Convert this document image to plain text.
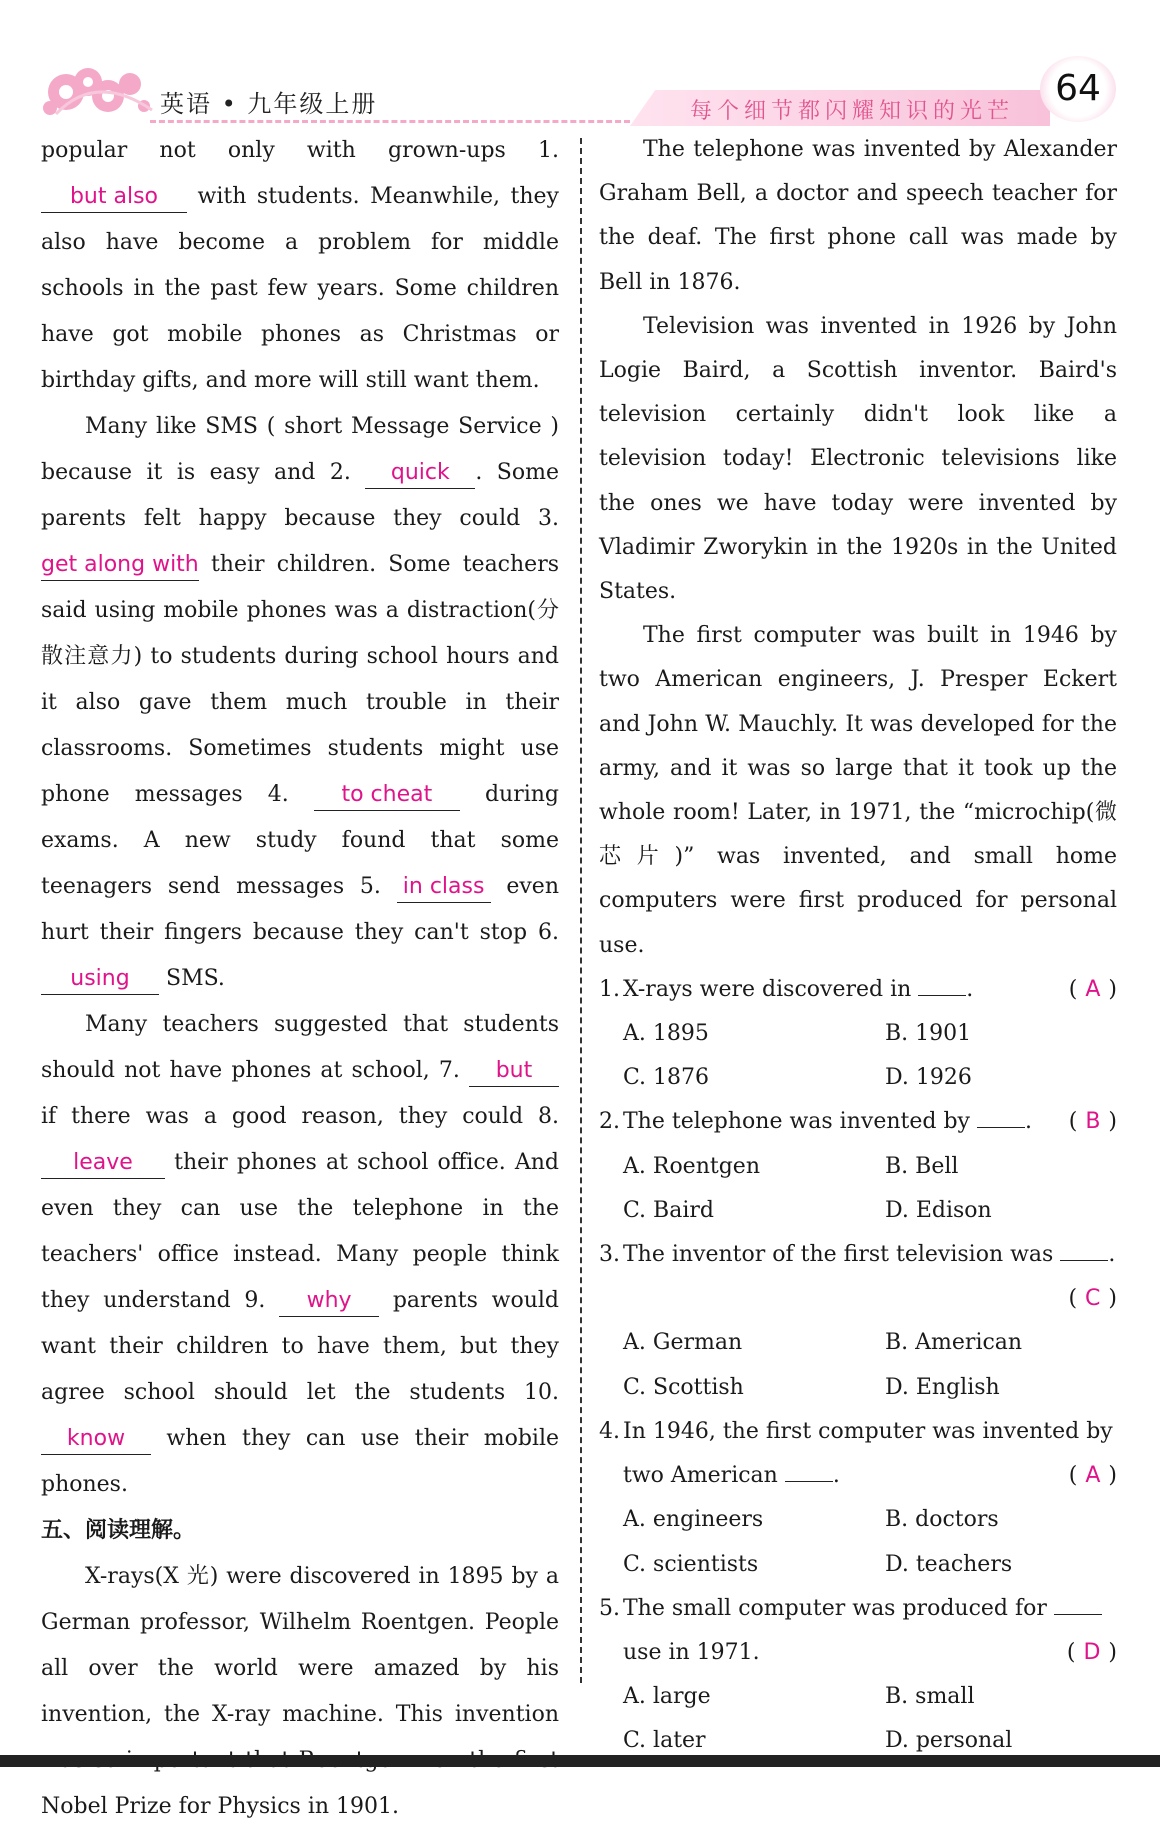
英语 • 九年级上册	每个细节都闪耀知识的光芒
64

popular not only with grown-ups 1. but also with students. Meanwhile, they also have become a problem for middle schools in the past few years. Some children have got mobile phones as Christmas or birthday gifts, and more will still want them.

Many like SMS ( short Message Service ) because it is easy and 2. quick . Some parents felt happy because they could 3. get along with their children. Some teachers said using mobile phones was a distraction(分散注意力) to students during school hours and it also gave them much trouble in their classrooms. Sometimes students might use phone messages 4. to cheat during exams. A new study found that some teenagers send messages 5. in class even hurt their fingers because they can't stop 6. using SMS.

Many teachers suggested that students should not have phones at school, 7. but if there was a good reason, they could 8. leave their phones at school office. And even they can use the telephone in the teachers' office instead. Many people think they understand 9. why parents would want their children to have them, but they agree school should let the students 10. know when they can use their mobile phones.

五、阅读理解。

X-rays(X 光) were discovered in 1895 by a German professor, Wilhelm Roentgen. People all over the world were amazed by his invention, the X-ray machine. This invention Nobel Prize for Physics in 1901.

The telephone was invented by Alexander Graham Bell, a doctor and speech teacher for the deaf. The first phone call was made by Bell in 1876.

Television was invented in 1926 by John Logie Baird, a Scottish inventor. Baird's television certainly didn't look like a television today! Electronic televisions like the ones we have today were invented by Vladimir Zworykin in the 1920s in the United States.

The first computer was built in 1946 by two American engineers, J. Presper Eckert and John W. Mauchly. It was developed for the army, and it was so large that it took up the whole room! Later, in 1971, the “microchip(微芯片)” was invented, and small home computers were first produced for personal use.

1. X-rays were discovered in	.	( A )
A. 1895	B. 1901
C. 1876	D. 1926
2. The telephone was invented by	. ( B )
A. Roentgen	B. Bell
C. Baird	D. Edison
3. The inventor of the first television was	.
( C )
A. German	B. American
C. Scottish	D. English
4. In 1946, the first computer was invented by two American	.	( A )
A. engineers	B. doctors
C. scientists	D. teachers
5. The small computer was produced for  use in 1971.	( D )
A. large	B. small
C. later	D. personal
